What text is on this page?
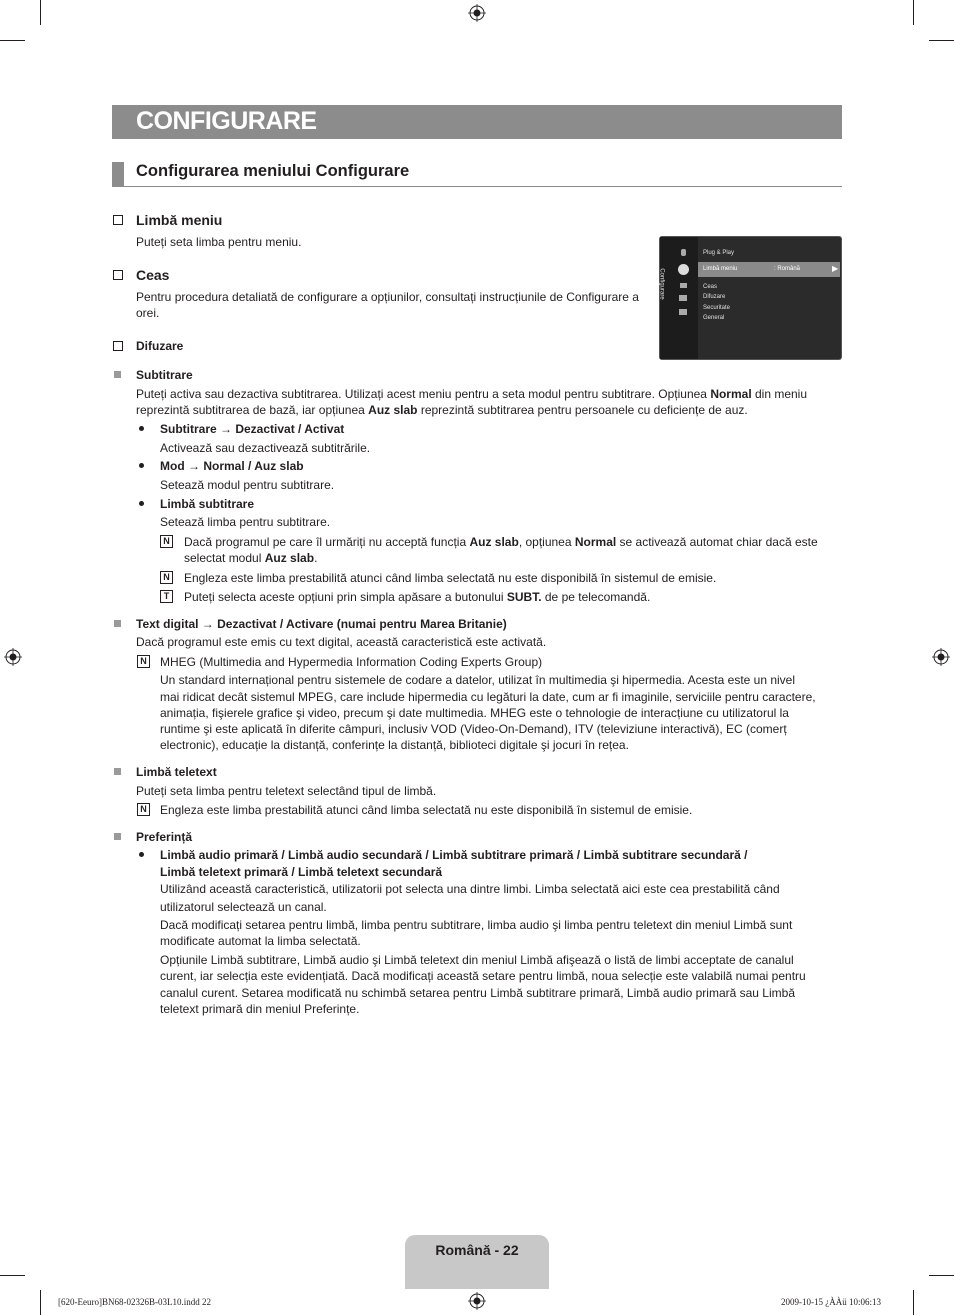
CONFIGURARE
Configurarea meniului Configurare
Limbă meniu
Puteți seta limba pentru meniu.
Ceas
Pentru procedura detaliată de configurare a opțiunilor, consultați instrucțiunile de Configurare a
orei.
Difuzare
Configurare
Plug & Play
Limbă meniu	: Română	▶
Ceas
Difuzare
Securitate
General
Subtitrare
Puteți activa sau dezactiva subtitrarea. Utilizați acest meniu pentru a seta modul pentru subtitrare. Opțiunea Normal din meniu
reprezintă subtitrarea de bază, iar opțiunea Auz slab reprezintă subtitrarea pentru persoanele cu deficiențe de auz.
Subtitrare → Dezactivat / Activat
Activează sau dezactivează subtitrările.
Mod → Normal / Auz slab
Setează modul pentru subtitrare.
Limbă subtitrare
Setează limba pentru subtitrare.
N Dacă programul pe care îl urmăriți nu acceptă funcția Auz slab, opțiunea Normal se activează automat chiar dacă este
selectat modul Auz slab.
N Engleza este limba prestabilită atunci când limba selectată nu este disponibilă în sistemul de emisie.
T	Puteți selecta aceste opțiuni prin simpla apăsare a butonului SUBT. de pe telecomandă.
Text digital → Dezactivat / Activare (numai pentru Marea Britanie)
Dacă programul este emis cu text digital, această caracteristică este activată.
N MHEG (Multimedia and Hypermedia Information Coding Experts Group)
Un standard internațional pentru sistemele de codare a datelor, utilizat în multimedia şi hipermedia. Acesta este un nivel
mai ridicat decât sistemul MPEG, care include hipermedia cu legături la date, cum ar fi imaginile, serviciile pentru caractere,
animația, fişierele grafice şi video, precum şi date multimedia. MHEG este o tehnologie de interacțiune cu utilizatorul la
runtime şi este aplicată în diferite câmpuri, inclusiv VOD (Video-On-Demand), ITV (televiziune interactivă), EC (comerț
electronic), educație la distanță, conferințe la distanță, biblioteci digitale şi jocuri în rețea.
Limbă teletext
Puteți seta limba pentru teletext selectând tipul de limbă.
N Engleza este limba prestabilită atunci când limba selectată nu este disponibilă în sistemul de emisie.
Preferință
Limbă audio primară / Limbă audio secundară / Limbă subtitrare primară / Limbă subtitrare secundară /
Limbă teletext primară / Limbă teletext secundară
Utilizând această caracteristică, utilizatorii pot selecta una dintre limbi. Limba selectată aici este cea prestabilită când
utilizatorul selectează un canal.
Dacă modificați setarea pentru limbă, limba pentru subtitrare, limba audio şi limba pentru teletext din meniul Limbă sunt
modificate automat la limba selectată.
Opțiunile Limbă subtitrare, Limbă audio şi Limbă teletext din meniul Limbă afişează o listă de limbi acceptate de canalul
curent, iar selecția este evidențiată. Dacă modificați această setare pentru limbă, noua selecție este valabilă numai pentru
canalul curent. Setarea modificată nu schimbă setarea pentru Limbă subtitrare primară, Limbă audio primară sau Limbă
teletext primară din meniul Preferințe.
Română - 22
[620-Eeuro]BN68-02326B-03L10.indd 22	2009-10-15 ¿ÀÀü 10:06:13
